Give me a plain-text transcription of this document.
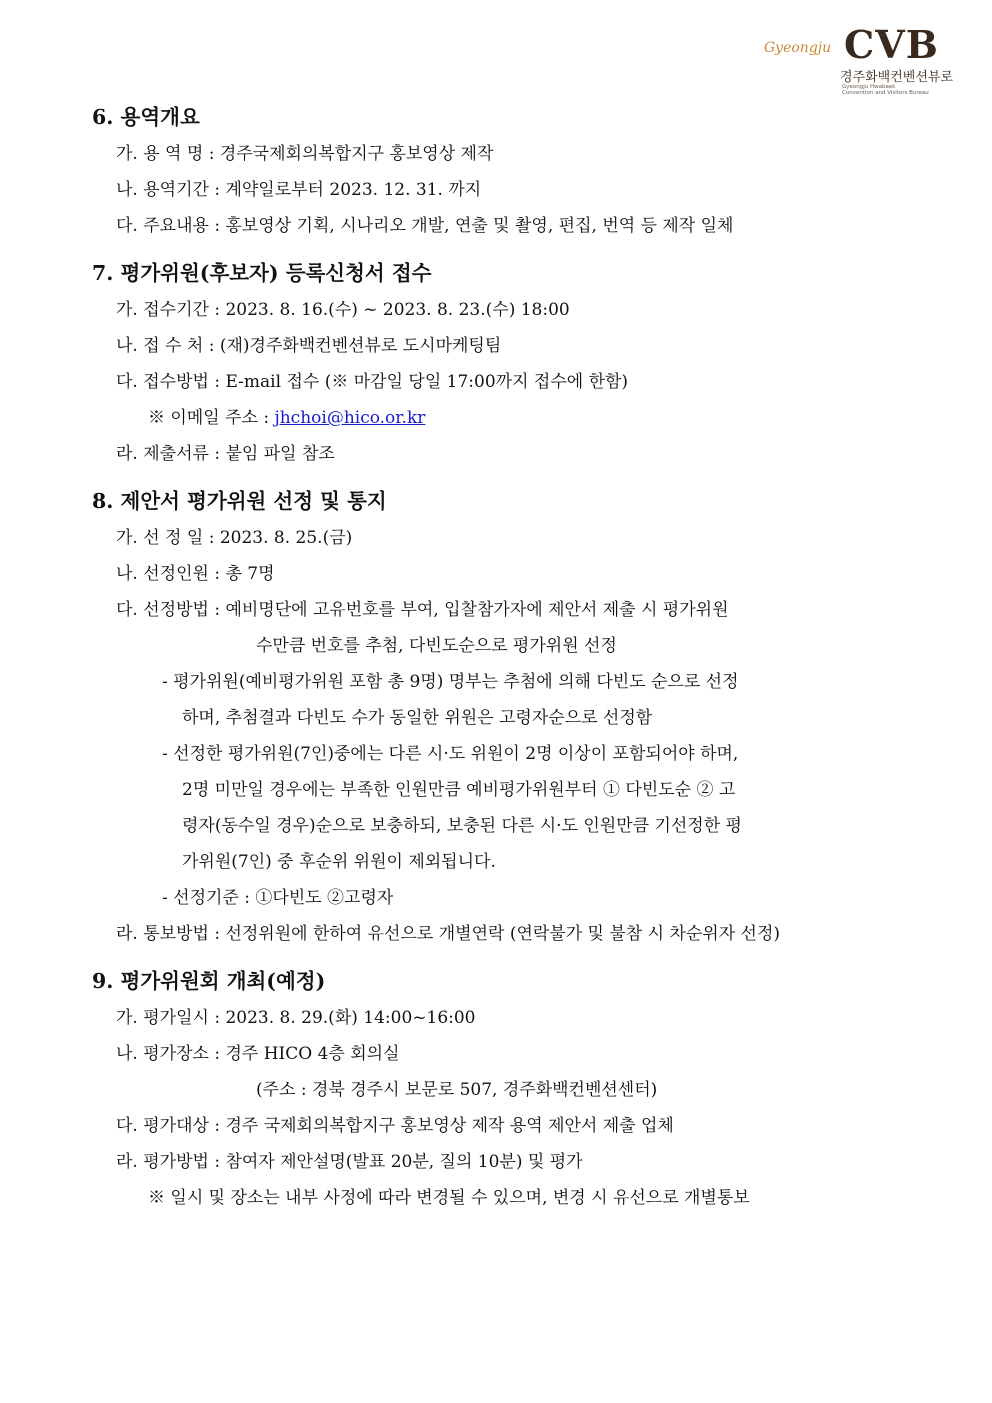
Gyeongju CVB
경주화백컨벤션뷰로
Gyeongju Hwabaek
Convention and Visitors Bureau
6. 용역개요
가. 용 역 명 : 경주국제회의복합지구 홍보영상 제작
나. 용역기간 : 계약일로부터 2023. 12. 31. 까지
다. 주요내용 : 홍보영상 기획, 시나리오 개발, 연출 및 촬영, 편집, 번역 등 제작 일체
7. 평가위원(후보자) 등록신청서 접수
가. 접수기간 : 2023. 8. 16.(수) ~ 2023. 8. 23.(수) 18:00
나. 접 수 처 : (재)경주화백컨벤션뷰로 도시마케팅팀
다. 접수방법 : E-mail 접수 (※ 마감일 당일 17:00까지 접수에 한함)
※ 이메일 주소 : jhchoi@hico.or.kr
라. 제출서류 : 붙임 파일 참조
8. 제안서 평가위원 선정 및 통지
가. 선 정 일 : 2023. 8. 25.(금)
나. 선정인원 : 총 7명
다. 선정방법 : 예비명단에 고유번호를 부여, 입찰참가자에 제안서 제출 시 평가위원
수만큼 번호를 추첨, 다빈도순으로 평가위원 선정
- 평가위원(예비평가위원 포함 총 9명) 명부는 추첨에 의해 다빈도 순으로 선정
하며, 추첨결과 다빈도 수가 동일한 위원은 고령자순으로 선정함
- 선정한 평가위원(7인)중에는 다른 시·도 위원이 2명 이상이 포함되어야 하며,
2명 미만일 경우에는 부족한 인원만큼 예비평가위원부터 ① 다빈도순 ② 고
령자(동수일 경우)순으로 보충하되, 보충된 다른 시·도 인원만큼 기선정한 평
가위원(7인) 중 후순위 위원이 제외됩니다.
- 선정기준 : ①다빈도 ②고령자
라. 통보방법 : 선정위원에 한하여 유선으로 개별연락 (연락불가 및 불참 시 차순위자 선정)
9. 평가위원회 개최(예정)
가. 평가일시 : 2023. 8. 29.(화) 14:00~16:00
나. 평가장소 : 경주 HICO 4층 회의실
(주소 : 경북 경주시 보문로 507, 경주화백컨벤션센터)
다. 평가대상 : 경주 국제회의복합지구 홍보영상 제작 용역 제안서 제출 업체
라. 평가방법 : 참여자 제안설명(발표 20분, 질의 10분) 및 평가
※ 일시 및 장소는 내부 사정에 따라 변경될 수 있으며, 변경 시 유선으로 개별통보
